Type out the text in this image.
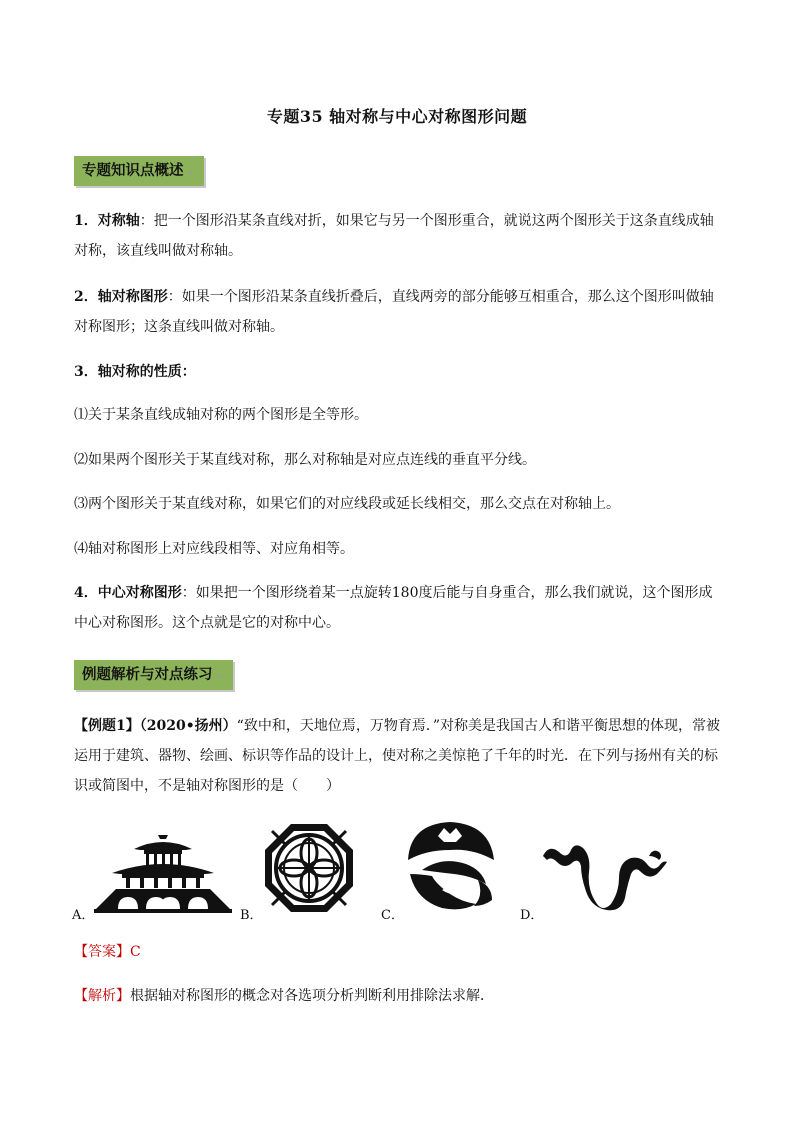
专题35 轴对称与中心对称图形问题
专题知识点概述 ↵
1．对称轴：把一个图形沿某条直线对折，如果它与另一个图形重合，就说这两个图形关于这条直线成轴对称，该直线叫做对称轴。
2．轴对称图形：如果一个图形沿某条直线折叠后，直线两旁的部分能够互相重合，那么这个图形叫做轴对称图形；这条直线叫做对称轴。
3．轴对称的性质：
⑴关于某条直线成轴对称的两个图形是全等形。
⑵如果两个图形关于某直线对称，那么对称轴是对应点连线的垂直平分线。
⑶两个图形关于某直线对称，如果它们的对应线段或延长线相交，那么交点在对称轴上。
⑷轴对称图形上对应线段相等、对应角相等。
4．中心对称图形：如果把一个图形绕着某一点旋转180度后能与自身重合，那么我们就说，这个图形成中心对称图形。这个点就是它的对称中心。
例题解析与对点练习 ↵
【例题1】（2020•扬州）“致中和，天地位焉，万物育焉．”对称美是我国古人和谐平衡思想的体现，常被运用于建筑、器物、绘画、标识等作品的设计上，使对称之美惊艳了千年的时光．在下列与扬州有关的标识或简图中，不是轴对称图形的是（　　）
A．	B．	C．	D．
【答案】C
【解析】根据轴对称图形的概念对各选项分析判断利用排除法求解．
